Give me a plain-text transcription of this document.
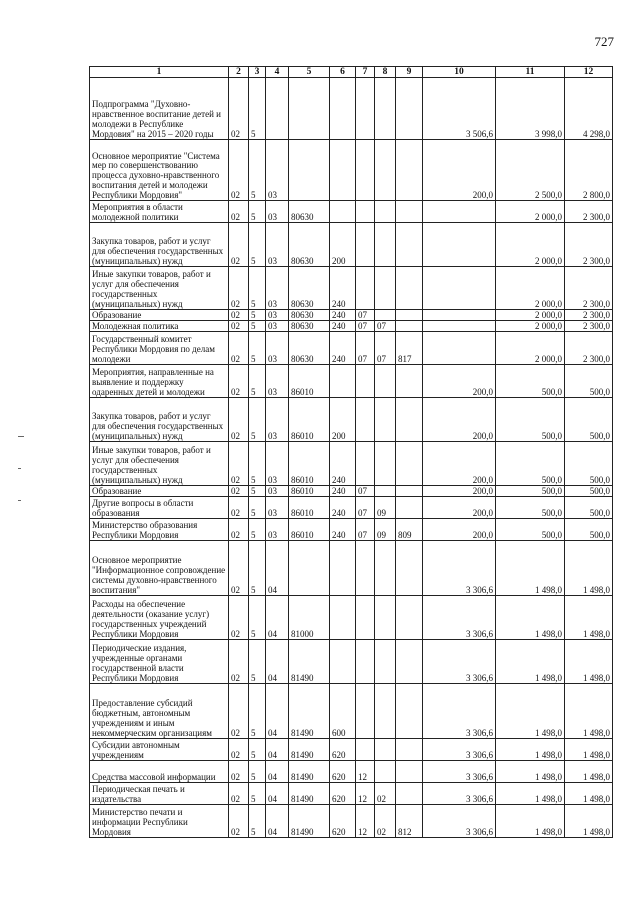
727
1	2	3	4	5	6	7	8	9	10	11	12
Подпрограмма "Духовно-нравственное воспитание детей и молодежи в Республике Мордовия" на 2015 – 2020 годы	02	5							3 506,6	3 998,0	4 298,0
Основное мероприятие "Система мер по совершенствованию процесса духовно-нравственного воспитания детей и молодежи Республики Мордовия"	02	5	03						200,0	2 500,0	2 800,0
Мероприятия в области молодежной политики	02	5	03	80630						2 000,0	2 300,0
Закупка товаров, работ и услуг для обеспечения государственных (муниципальных) нужд	02	5	03	80630	200					2 000,0	2 300,0
Иные закупки товаров, работ и услуг для обеспечения государственных (муниципальных) нужд	02	5	03	80630	240					2 000,0	2 300,0
Образование	02	5	03	80630	240	07				2 000,0	2 300,0
Молодежная политика	02	5	03	80630	240	07	07			2 000,0	2 300,0
Государственный комитет Республики Мордовия по делам молодежи	02	5	03	80630	240	07	07	817		2 000,0	2 300,0
Мероприятия, направленные на выявление и поддержку одаренных детей и молодежи	02	5	03	86010					200,0	500,0	500,0
Закупка товаров, работ и услуг для обеспечения государственных (муниципальных) нужд	02	5	03	86010	200				200,0	500,0	500,0
Иные закупки товаров, работ и услуг для обеспечения государственных (муниципальных) нужд	02	5	03	86010	240				200,0	500,0	500,0
Образование	02	5	03	86010	240	07			200,0	500,0	500,0
Другие вопросы в области образования	02	5	03	86010	240	07	09		200,0	500,0	500,0
Министерство образования Республики Мордовия	02	5	03	86010	240	07	09	809	200,0	500,0	500,0
Основное мероприятие "Информационное сопровождение системы духовно-нравственного воспитания"	02	5	04						3 306,6	1 498,0	1 498,0
Расходы на обеспечение деятельности (оказание услуг) государственных учреждений Республики Мордовия	02	5	04	81000					3 306,6	1 498,0	1 498,0
Периодические издания, учрежденные органами государственной власти Республики Мордовия	02	5	04	81490					3 306,6	1 498,0	1 498,0
Предоставление субсидий бюджетным, автономным учреждениям и иным некоммерческим организациям	02	5	04	81490	600				3 306,6	1 498,0	1 498,0
Субсидии автономным учреждениям	02	5	04	81490	620				3 306,6	1 498,0	1 498,0
Средства массовой информации	02	5	04	81490	620	12			3 306,6	1 498,0	1 498,0
Периодическая печать и издательства	02	5	04	81490	620	12	02		3 306,6	1 498,0	1 498,0
Министерство печати и информации Республики Мордовия	02	5	04	81490	620	12	02	812	3 306,6	1 498,0	1 498,0
